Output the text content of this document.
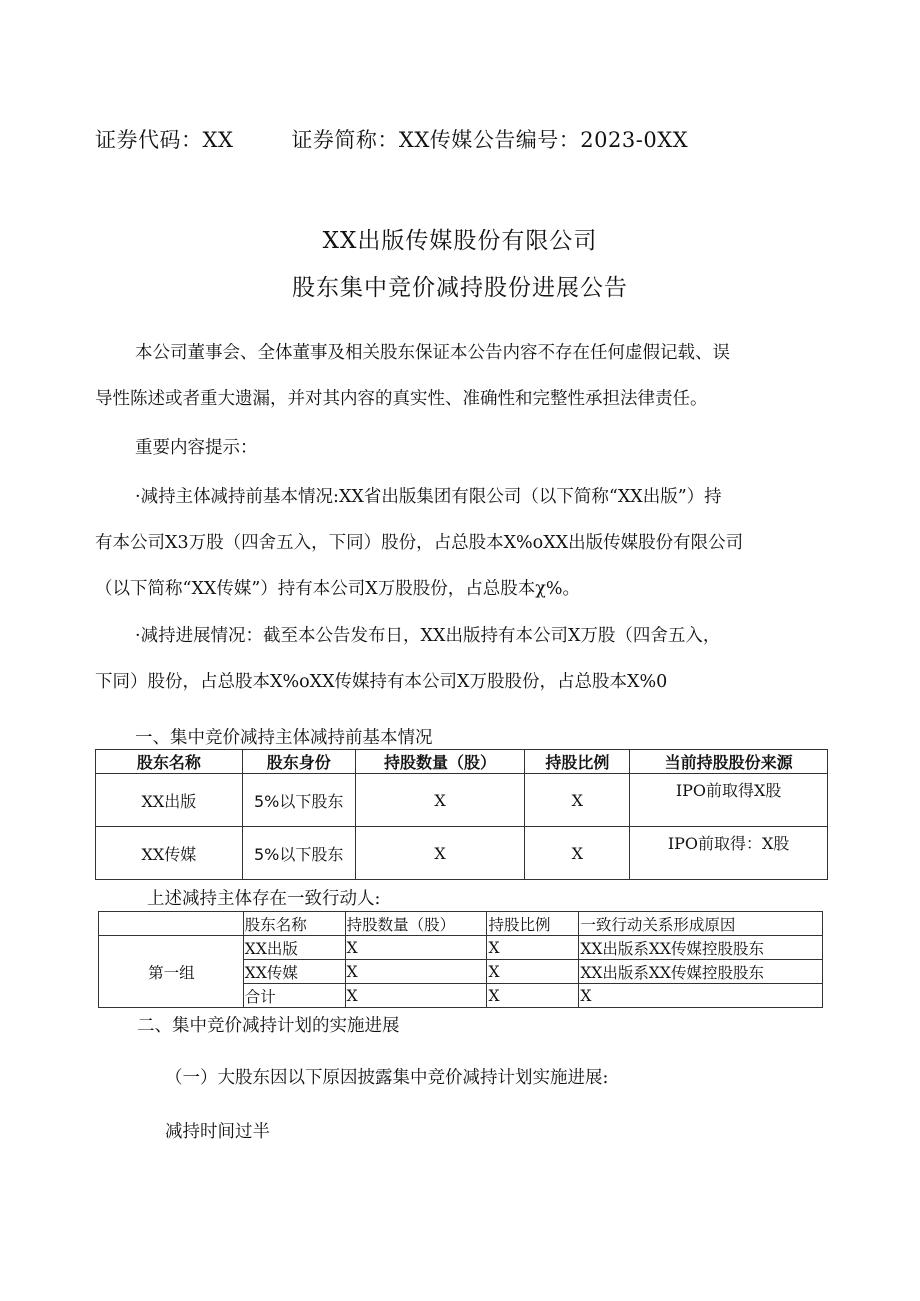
证券代码：XX	证券简称：XX传媒公告编号：2023-0XX
XX出版传媒股份有限公司
股东集中竞价减持股份进展公告
本公司董事会、全体董事及相关股东保证本公告内容不存在任何虚假记载、误
导性陈述或者重大遗漏，并对其内容的真实性、准确性和完整性承担法律责任。
重要内容提示：
·减持主体减持前基本情况:XX省出版集团有限公司（以下简称“XX出版”）持
有本公司X3万股（四舍五入，下同）股份，占总股本X%oXX出版传媒股份有限公司
（以下简称“XX传媒”）持有本公司X万股股份，占总股本χ%。
·减持进展情况：截至本公告发布日，XX出版持有本公司X万股（四舍五入，
下同）股份，占总股本X%oXX传媒持有本公司X万股股份，占总股本X%0
一、集中竞价减持主体减持前基本情况
股东名称	股东身份	持股数量（股）	持股比例	当前持股股份来源
XX出版	5%以下股东	X	X	IPO前取得X股
XX传媒	5%以下股东	X	X	IPO前取得：X股
上述减持主体存在一致行动人:
	股东名称	持股数量（股）	持股比例	一致行动关系形成原因
第一组	XX出版	X	X	XX出版系XX传媒控股股东
	XX传媒	X	X	XX出版系XX传媒控股股东
	合计	X	X	X
二、集中竞价减持计划的实施进展
（一）大股东因以下原因披露集中竞价减持计划实施进展:
减持时间过半
